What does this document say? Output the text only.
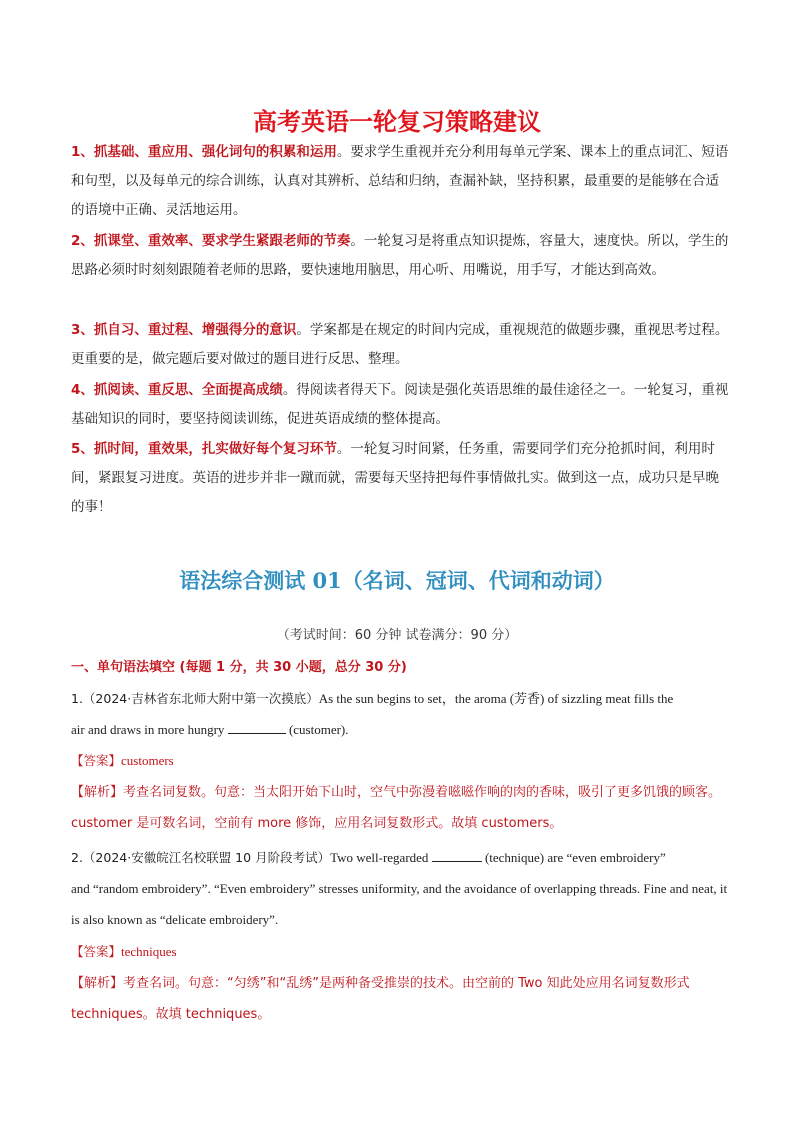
高考英语一轮复习策略建议
1、抓基础、重应用、强化词句的积累和运用。要求学生重视并充分利用每单元学案、课本上的重点词汇、短语和句型，以及每单元的综合训练，认真对其辨析、总结和归纳，查漏补缺，坚持积累，最重要的是能够在合适的语境中正确、灵活地运用。
2、抓课堂、重效率、要求学生紧跟老师的节奏。一轮复习是将重点知识提炼，容量大，速度快。所以，学生的思路必须时时刻刻跟随着老师的思路，要快速地用脑思，用心听、用嘴说，用手写，才能达到高效。
3、抓自习、重过程、增强得分的意识。学案都是在规定的时间内完成，重视规范的做题步骤，重视思考过程。更重要的是，做完题后要对做过的题目进行反思、整理。
4、抓阅读、重反思、全面提高成绩。得阅读者得天下。阅读是强化英语思维的最佳途径之一。一轮复习，重视基础知识的同时，要坚持阅读训练，促进英语成绩的整体提高。
5、抓时间，重效果，扎实做好每个复习环节。一轮复习时间紧，任务重，需要同学们充分抢抓时间，利用时间，紧跟复习进度。英语的进步并非一蹴而就，需要每天坚持把每件事情做扎实。做到这一点，成功只是早晚的事！
语法综合测试 01（名词、冠词、代词和动词）
（考试时间：60 分钟 试卷满分：90 分）
一、单句语法填空 (每题 1 分，共 30 小题，总分 30 分)
1.（2024·吉林省东北师大附中第一次摸底）As the sun begins to set，the aroma (芳香) of sizzling meat fills the
air and draws in more hungry	(customer).
【答案】customers
【解析】考查名词复数。句意：当太阳开始下山时，空气中弥漫着嗞嗞作响的肉的香味，吸引了更多饥饿的顾客。customer 是可数名词，空前有 more 修饰，应用名词复数形式。故填 customers。
2.（2024·安徽皖江名校联盟 10 月阶段考试）Two well-regarded	(technique) are “even embroidery”
and “random embroidery”. “Even embroidery” stresses uniformity, and the avoidance of overlapping threads. Fine and neat, it is also known as “delicate embroidery”.
【答案】techniques
【解析】考查名词。句意：“匀绣”和“乱绣”是两种备受推崇的技术。由空前的 Two 知此处应用名词复数形式 techniques。故填 techniques。
